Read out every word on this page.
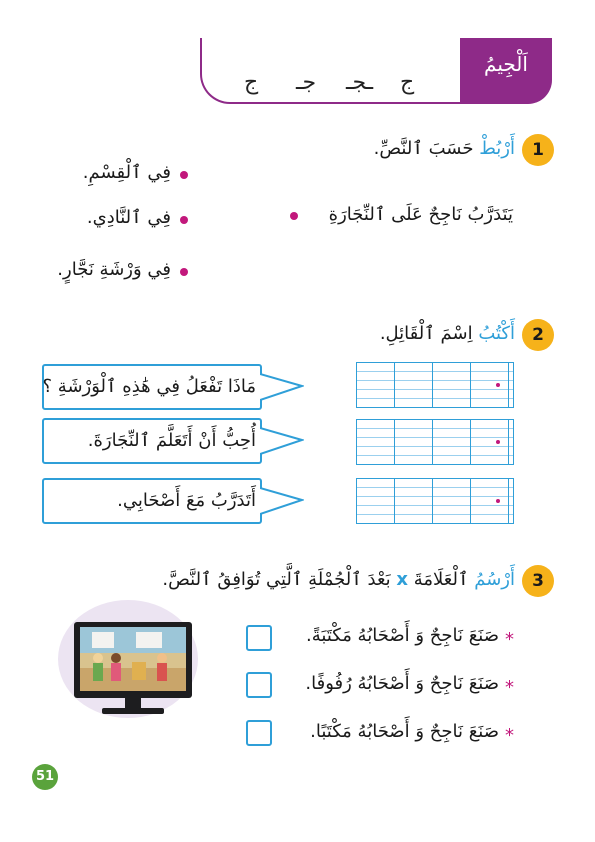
اَلْجِيمُ
ج
ـجـ
جـ
ج
1
أَرْبُطْ حَسَبَ ٱلنَّصِّ.
يَتَدَرَّبُ نَاجِحٌ عَلَى ٱلنِّجَارَةِ
فِي ٱلْقِسْمِ.
فِي ٱلنَّادِي.
فِي وَرْشَةِ نَجَّارٍ.
2
أَكْتُبُ اِسْمَ ٱلْقَائِلِ.
مَاذَا تَفْعَلُ فِي هَٰذِهِ ٱلْوَرْشَةِ ؟
أُحِبُّ أَنْ أَتَعَلَّمَ ٱلنِّجَارَةَ.
أَتَدَرَّبُ مَعَ أَصْحَابِي.
3
أَرْسُمُ ٱلْعَلَامَةَ x بَعْدَ ٱلْجُمْلَةِ ٱلَّتِي تُوَافِقُ ٱلنَّصَّ.
*
صَنَعَ نَاجِحٌ وَ أَصْحَابُهُ مَكْتَبَةً.
*
صَنَعَ نَاجِحٌ وَ أَصْحَابُهُ رُفُوفًا.
*
صَنَعَ نَاجِحٌ وَ أَصْحَابُهُ مَكْتَبًا.
51
